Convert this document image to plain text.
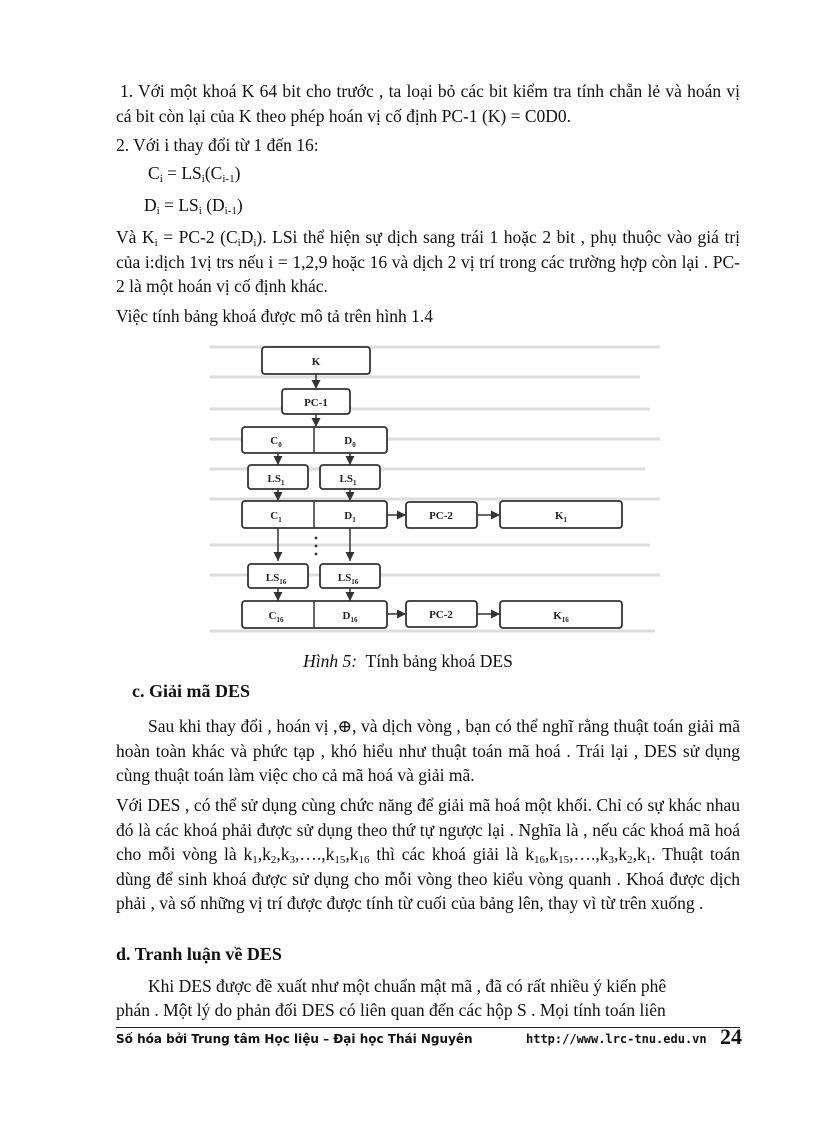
1. Với một khoá K 64 bit cho trước , ta loại bỏ các bit kiểm tra tính chẵn lẻ và hoán vị cá bit còn lại của K theo phép hoán vị cố định PC-1 (K) = C0D0.

2. Với i thay đổi từ 1 đến 16:

$C_i = LS_i(C_{i-1})$

$D_i = LS_i$ $(D_{i-1})$

Và $K_i = PC-2$ $(C_iD_i)$. LSi thể hiện sự dịch sang trái 1 hoặc 2 bit , phụ thuộc vào giá trị của i:dịch 1vị trs nếu i = 1,2,9 hoặc 16 và dịch 2 vị trí trong các trường hợp còn lại . PC-2 là một hoán vị cố định khác.

Việc tính bảng khoá được mô tả trên hình 1.4

K
PC-1
$C_0$	$D_0$
$LS_1$	$LS_1$
$C_1$	$D_1$	PC-2	$K_1$
$LS_{16}$	$LS_{16}$
$C_{16}$	$D_{16}$	PC-2	$K_{16}$

Hình 5: Tính bảng khoá DES

c. Giải mã DES

Sau khi thay đổi , hoán vị ,⊕, và dịch vòng , bạn có thể nghĩ rằng thuật toán giải mã hoàn toàn khác và phức tạp , khó hiểu như thuật toán mã hoá . Trái lại , DES sử dụng cùng thuật toán làm việc cho cả mã hoá và giải mã.

Với DES , có thể sử dụng cùng chức năng để giải mã hoá một khối. Chỉ có sự khác nhau đó là các khoá phải được sử dụng theo thứ tự ngược lại . Nghĩa là , nếu các khoá mã hoá cho mỗi vòng là $k_1,k_2,k_3,\dots.,k_{15},k_{16}$ thì các khoá giải là $k_{16},k_{15},\dots.,k_3,k_2,k_1$. Thuật toán dùng để sinh khoá được sử dụng cho mỗi vòng theo kiểu vòng quanh . Khoá được dịch phải , và số những vị trí được được tính từ cuối của bảng lên, thay vì từ trên xuống .

d. Tranh luận về DES

Khi DES được đề xuất như một chuẩn mật mã , đã có rất nhiều ý kiến phê

phán . Một lý do phản đối DES có liên quan đến các hộp S . Mọi tính toán liên

Số hóa bởi Trung tâm Học liệu – Đại học Thái Nguyên	http://www.lrc-tnu.edu.vn 24
